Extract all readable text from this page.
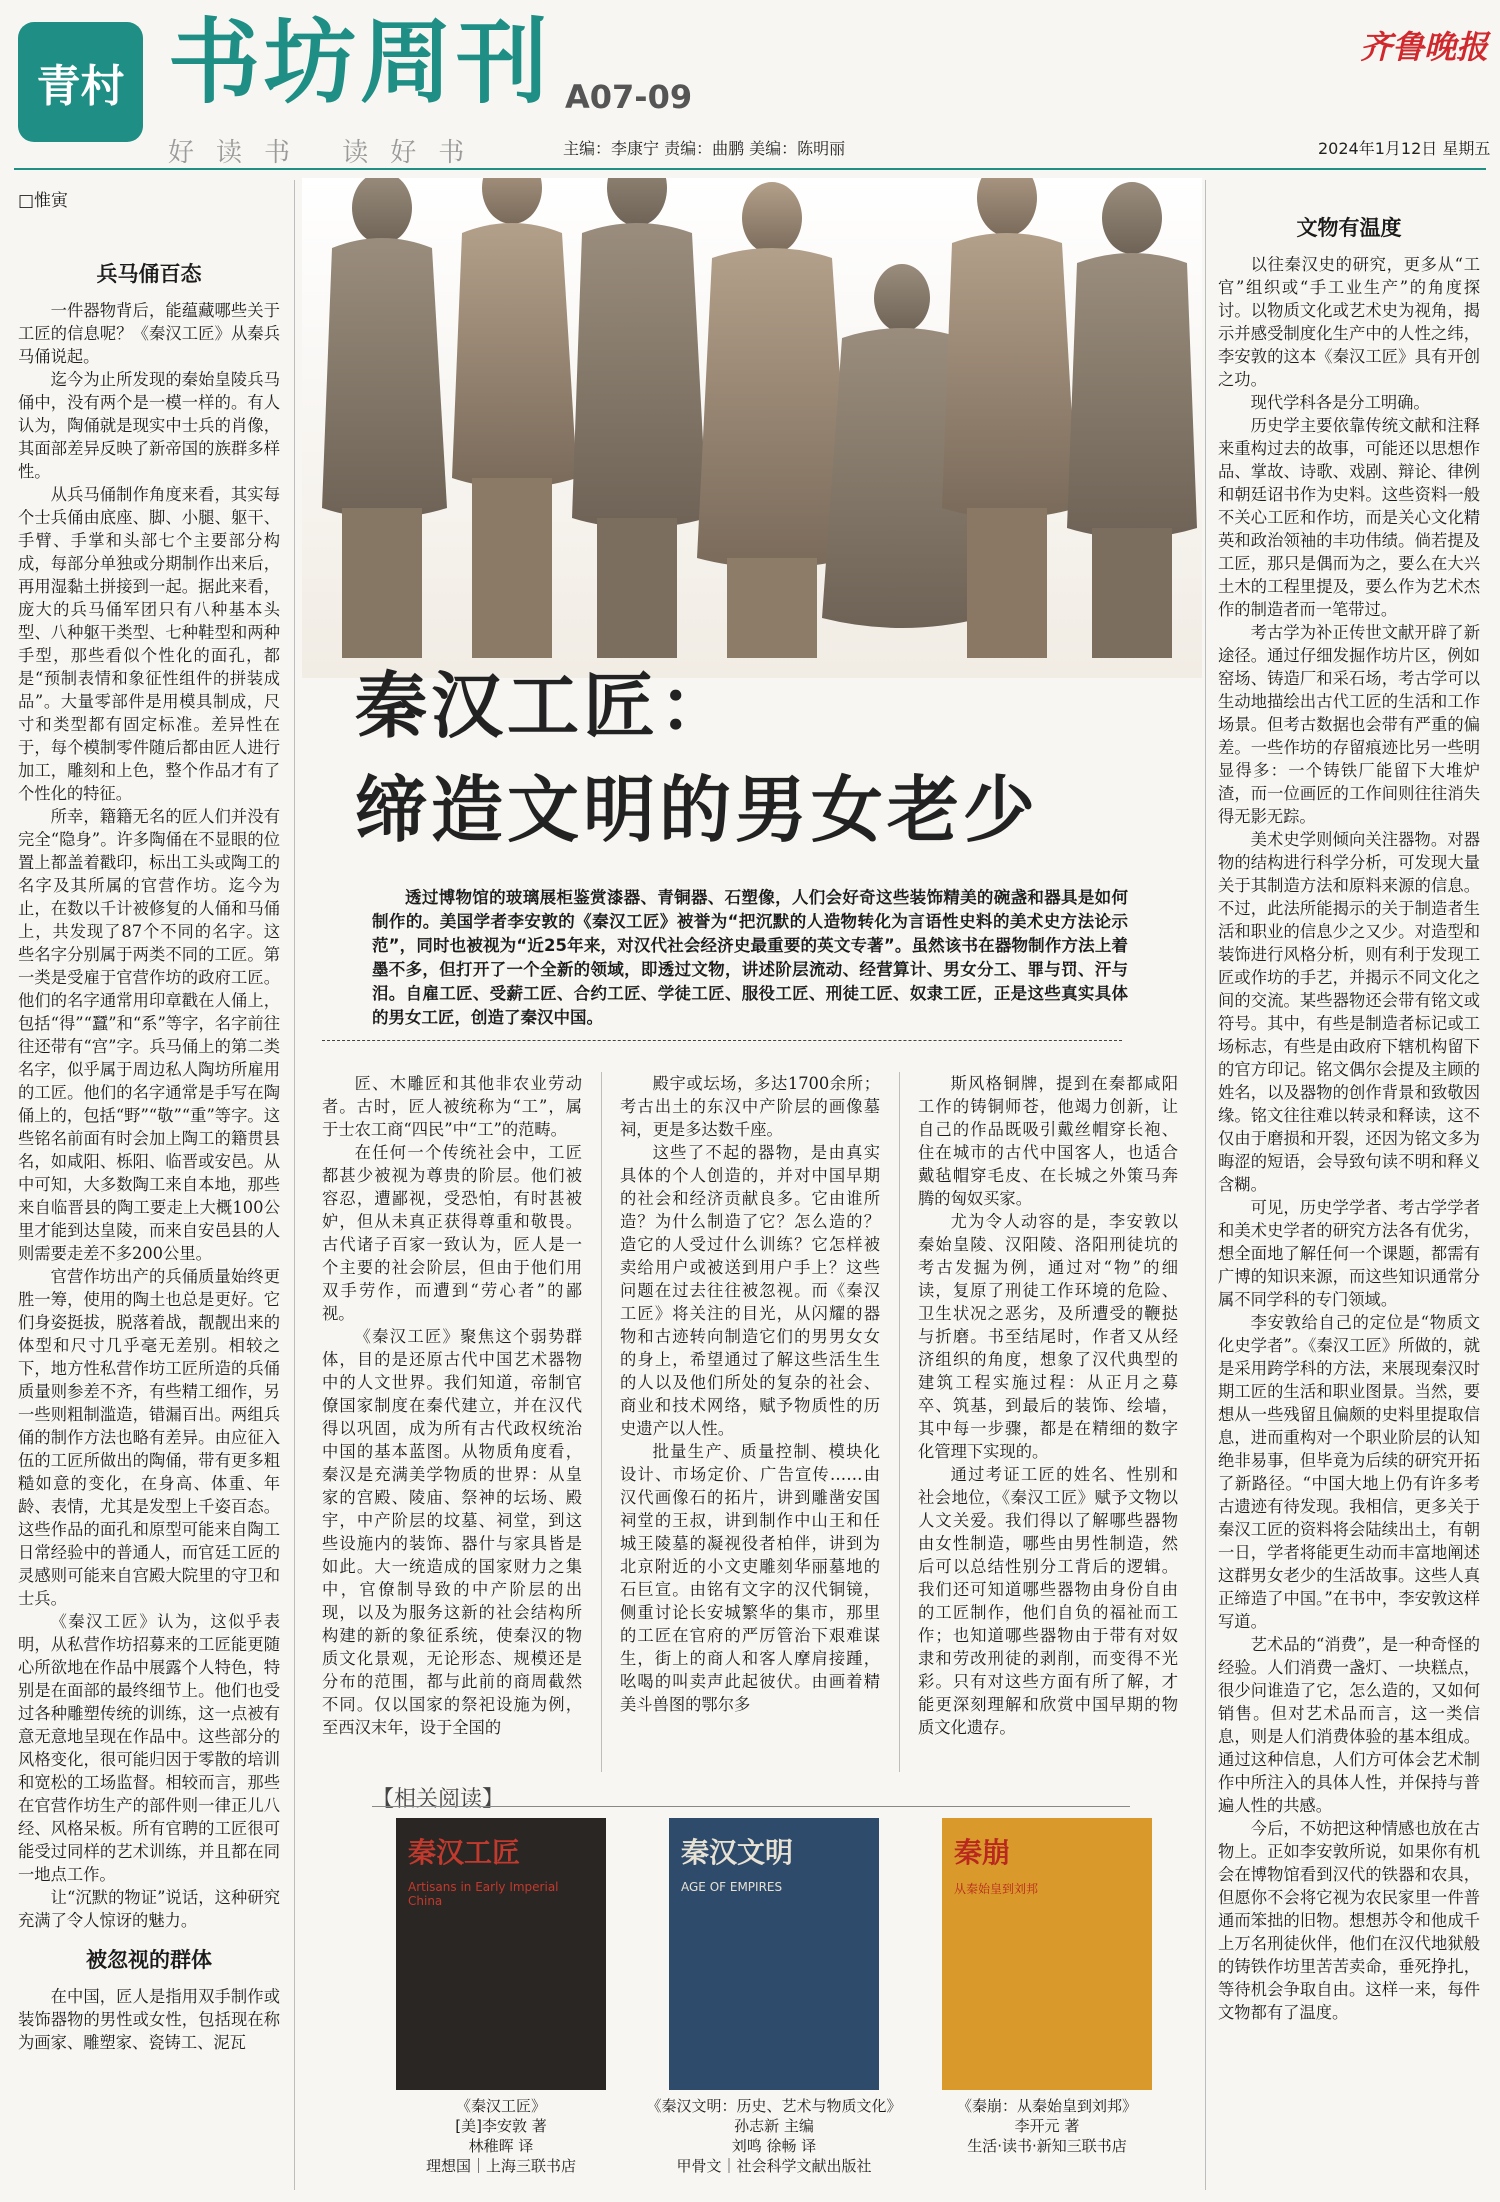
青村 书坊周刊
好读书 读好书
A07-09
主编：李康宁 责编：曲鹏 美编：陈明丽
齐鲁晚报
2024年1月12日 星期五
□惟寅
兵马俑百态

一件器物背后，能蕴藏哪些关于工匠的信息呢？《秦汉工匠》从秦兵马俑说起。

迄今为止所发现的秦始皇陵兵马俑中，没有两个是一模一样的。有人认为，陶俑就是现实中士兵的肖像，其面部差异反映了新帝国的族群多样性。

从兵马俑制作角度来看，其实每个士兵俑由底座、脚、小腿、躯干、手臂、手掌和头部七个主要部分构成，每部分单独或分期制作出来后，再用湿黏土拼接到一起。据此来看，庞大的兵马俑军团只有八种基本头型、八种躯干类型、七种鞋型和两种手型，那些看似个性化的面孔，都是“预制表情和象征性组件的拼装成品”。大量零部件是用模具制成，尺寸和类型都有固定标准。差异性在于，每个模制零件随后都由匠人进行加工，雕刻和上色，整个作品才有了个性化的特征。

所幸，籍籍无名的匠人们并没有完全“隐身”。许多陶俑在不显眼的位置上都盖着戳印，标出工头或陶工的名字及其所属的官营作坊。迄今为止，在数以千计被修复的人俑和马俑上，共发现了87个不同的名字。这些名字分别属于两类不同的工匠。第一类是受雇于官营作坊的政府工匠。他们的名字通常用印章戳在人俑上，包括“得”“蠶”和“系”等字，名字前往往还带有“宫”字。兵马俑上的第二类名字，似乎属于周边私人陶坊所雇用的工匠。他们的名字通常是手写在陶俑上的，包括“野”“敬”“重”等字。这些铭名前面有时会加上陶工的籍贯县名，如咸阳、栎阳、临晋或安邑。从中可知，大多数陶工来自本地，那些来自临晋县的陶工要走上大概100公里才能到达皇陵，而来自安邑县的人则需要走差不多200公里。

官营作坊出产的兵俑质量始终更胜一筹，使用的陶土也总是更好。它们身姿挺拔，脱落着战，靓靓出来的体型和尺寸几乎毫无差别。相较之下，地方性私营作坊工匠所造的兵俑质量则参差不齐，有些精工细作，另一些则粗制滥造，错漏百出。两组兵俑的制作方法也略有差异。由应征入伍的工匠所做出的陶俑，带有更多粗糙如意的变化，在身高、体重、年龄、表情，尤其是发型上千姿百态。这些作品的面孔和原型可能来自陶工日常经验中的普通人，而官廷工匠的灵感则可能来自宫殿大院里的守卫和士兵。

《秦汉工匠》认为，这似乎表明，从私营作坊招募来的工匠能更随心所欲地在作品中展露个人特色，特别是在面部的最终细节上。他们也受过各种雕塑传统的训练，这一点被有意无意地呈现在作品中。这些部分的风格变化，很可能归因于零散的培训和宽松的工场监督。相较而言，那些在官营作坊生产的部件则一律正儿八经、风格呆板。所有官聘的工匠很可能受过同样的艺术训练，并且都在同一地点工作。

让“沉默的物证”说话，这种研究充满了令人惊讶的魅力。

被忽视的群体

在中国，匠人是指用双手制作或装饰器物的男性或女性，包括现在称为画家、雕塑家、瓷铸工、泥瓦

秦汉工匠：
缔造文明的男女老少

透过博物馆的玻璃展柜鉴赏漆器、青铜器、石塑像，人们会好奇这些装饰精美的碗盏和器具是如何制作的。美国学者李安敦的《秦汉工匠》被誉为“把沉默的人造物转化为言语性史料的美术史方法论示范”，同时也被视为“近25年来，对汉代社会经济史最重要的英文专著”。虽然该书在器物制作方法上着墨不多，但打开了一个全新的领域，即透过文物，讲述阶层流动、经营算计、男女分工、罪与罚、汗与泪。自雇工匠、受薪工匠、合约工匠、学徒工匠、服役工匠、刑徒工匠、奴隶工匠，正是这些真实具体的男女工匠，创造了秦汉中国。

匠、木雕匠和其他非农业劳动者。古时，匠人被统称为“工”，属于士农工商“四民”中“工”的范畴。

在任何一个传统社会中，工匠都甚少被视为尊贵的阶层。他们被容忍，遭鄙视，受恐怕，有时甚被妒，但从未真正获得尊重和敬畏。古代诸子百家一致认为，匠人是一个主要的社会阶层，但由于他们用双手劳作，而遭到“劳心者”的鄙视。

《秦汉工匠》聚焦这个弱势群体，目的是还原古代中国艺术器物中的人文世界。我们知道，帝制官僚国家制度在秦代建立，并在汉代得以巩固，成为所有古代政权统治中国的基本蓝图。从物质角度看，秦汉是充满美学物质的世界：从皇家的宫殿、陵庙、祭神的坛场、殿宇，中产阶层的坟墓、祠堂，到这些设施内的装饰、器什与家具皆是如此。大一统造成的国家财力之集中，官僚制导致的中产阶层的出现，以及为服务这新的社会结构所构建的新的象征系统，使秦汉的物质文化景观，无论形态、规模还是分布的范围，都与此前的商周截然不同。仅以国家的祭祀设施为例，至西汉末年，设于全国的

殿宇或坛场，多达1700余所；考古出土的东汉中产阶层的画像墓祠，更是多达数千座。

这些了不起的器物，是由真实具体的个人创造的，并对中国早期的社会和经济贡献良多。它由谁所造？为什么制造了它？怎么造的？造它的人受过什么训练？它怎样被卖给用户或被送到用户手上？这些问题在过去往往被忽视。而《秦汉工匠》将关注的目光，从闪耀的器物和古迹转向制造它们的男男女女的身上，希望通过了解这些活生生的人以及他们所处的复杂的社会、商业和技术网络，赋予物质性的历史遗产以人性。

批量生产、质量控制、模块化设计、市场定价、广告宣传……由汉代画像石的拓片，讲到雕凿安国祠堂的王叔，讲到制作中山王和任城王陵墓的凝视役者柏伴，讲到为北京附近的小文吏雕刻华丽墓地的石巨宣。由铭有文字的汉代铜镜，侧重讨论长安城繁华的集市，那里的工匠在官府的严厉管治下艰难谋生，街上的商人和客人摩肩接踵，吆喝的叫卖声此起彼伏。由画着精美斗兽图的鄂尔多

斯风格铜牌，提到在秦都咸阳工作的铸铜师苍，他竭力创新，让自己的作品既吸引戴丝帽穿长袍、住在城市的古代中国客人，也适合戴毡帽穿毛皮、在长城之外策马奔腾的匈奴买家。

尤为令人动容的是，李安敦以秦始皇陵、汉阳陵、洛阳刑徒坑的考古发掘为例，通过对“物”的细读，复原了刑徒工作环境的危险、卫生状况之恶劣，及所遭受的鞭挞与折磨。书至结尾时，作者又从经济组织的角度，想象了汉代典型的建筑工程实施过程：从正月之募卒、筑基，到最后的装饰、绘墙，其中每一步骤，都是在精细的数字化管理下实现的。

通过考证工匠的姓名、性别和社会地位，《秦汉工匠》赋予文物以人文关爱。我们得以了解哪些器物由女性制造，哪些由男性制造，然后可以总结性别分工背后的逻辑。我们还可知道哪些器物由身份自由的工匠制作，他们自负的福祉而工作；也知道哪些器物由于带有对奴隶和劳改刑徒的剥削，而变得不光彩。只有对这些方面有所了解，才能更深刻理解和欣赏中国早期的物质文化遗存。

文物有温度

以往秦汉史的研究，更多从“工官”组织或“手工业生产”的角度探讨。以物质文化或艺术史为视角，揭示并感受制度化生产中的人性之纬，李安敦的这本《秦汉工匠》具有开创之功。

现代学科各是分工明确。

历史学主要依靠传统文献和注释来重构过去的故事，可能还以思想作品、掌故、诗歌、戏剧、辩论、律例和朝廷诏书作为史料。这些资料一般不关心工匠和作坊，而是关心文化精英和政治领袖的丰功伟绩。倘若提及工匠，那只是偶而为之，要么在大兴土木的工程里提及，要么作为艺术杰作的制造者而一笔带过。

考古学为补正传世文献开辟了新途径。通过仔细发掘作坊片区，例如窑场、铸造厂和采石场，考古学可以生动地描绘出古代工匠的生活和工作场景。但考古数据也会带有严重的偏差。一些作坊的存留痕迹比另一些明显得多：一个铸铁厂能留下大堆炉渣，而一位画匠的工作间则往往消失得无影无踪。

美术史学则倾向关注器物。对器物的结构进行科学分析，可发现大量关于其制造方法和原料来源的信息。不过，此法所能揭示的关于制造者生活和职业的信息少之又少。对造型和装饰进行风格分析，则有利于发现工匠或作坊的手艺，并揭示不同文化之间的交流。某些器物还会带有铭文或符号。其中，有些是制造者标记或工场标志，有些是由政府下辖机构留下的官方印记。铭文偶尔会提及主顾的姓名，以及器物的创作背景和致敬因缘。铭文往往难以转录和释读，这不仅由于磨损和开裂，还因为铭文多为晦涩的短语，会导致句读不明和释义含糊。

可见，历史学学者、考古学学者和美术史学者的研究方法各有优劣，想全面地了解任何一个课题，都需有广博的知识来源，而这些知识通常分属不同学科的专门领域。

李安敦给自己的定位是“物质文化史学者”。《秦汉工匠》所做的，就是采用跨学科的方法，来展现秦汉时期工匠的生活和职业图景。当然，要想从一些残留且偏颇的史料里提取信息，进而重构对一个职业阶层的认知绝非易事，但毕竟为后续的研究开拓了新路径。“中国大地上仍有许多考古遗迹有待发现。我相信，更多关于秦汉工匠的资料将会陆续出土，有朝一日，学者将能更生动而丰富地阐述这群男女老少的生活故事。这些人真正缔造了中国。”在书中，李安敦这样写道。

艺术品的“消费”，是一种奇怪的经验。人们消费一盏灯、一块糕点，很少问谁造了它，怎么造的，又如何销售。但对艺术品而言，这一类信息，则是人们消费体验的基本组成。通过这种信息，人们方可体会艺术制作中所注入的具体人性，并保持与普遍人性的共感。

今后，不妨把这种情感也放在古物上。正如李安敦所说，如果你有机会在博物馆看到汉代的铁器和农具，但愿你不会将它视为农民家里一件普通而笨拙的旧物。想想苏令和他成千上万名刑徒伙伴，他们在汉代地狱般的铸铁作坊里苦苦卖命，垂死挣扎，等待机会争取自由。这样一来，每件文物都有了温度。

【相关阅读】
秦汉工匠
Artisans in Early Imperial China
《秦汉工匠》
[美]李安敦 著
林稚晖 译
理想国｜上海三联书店
秦汉文明
AGE OF EMPIRES
《秦汉文明：历史、艺术与物质文化》
孙志新 主编
刘鸣 徐畅 译
甲骨文｜社会科学文献出版社
秦崩
从秦始皇到刘邦
《秦崩：从秦始皇到刘邦》
李开元 著
生活·读书·新知三联书店
